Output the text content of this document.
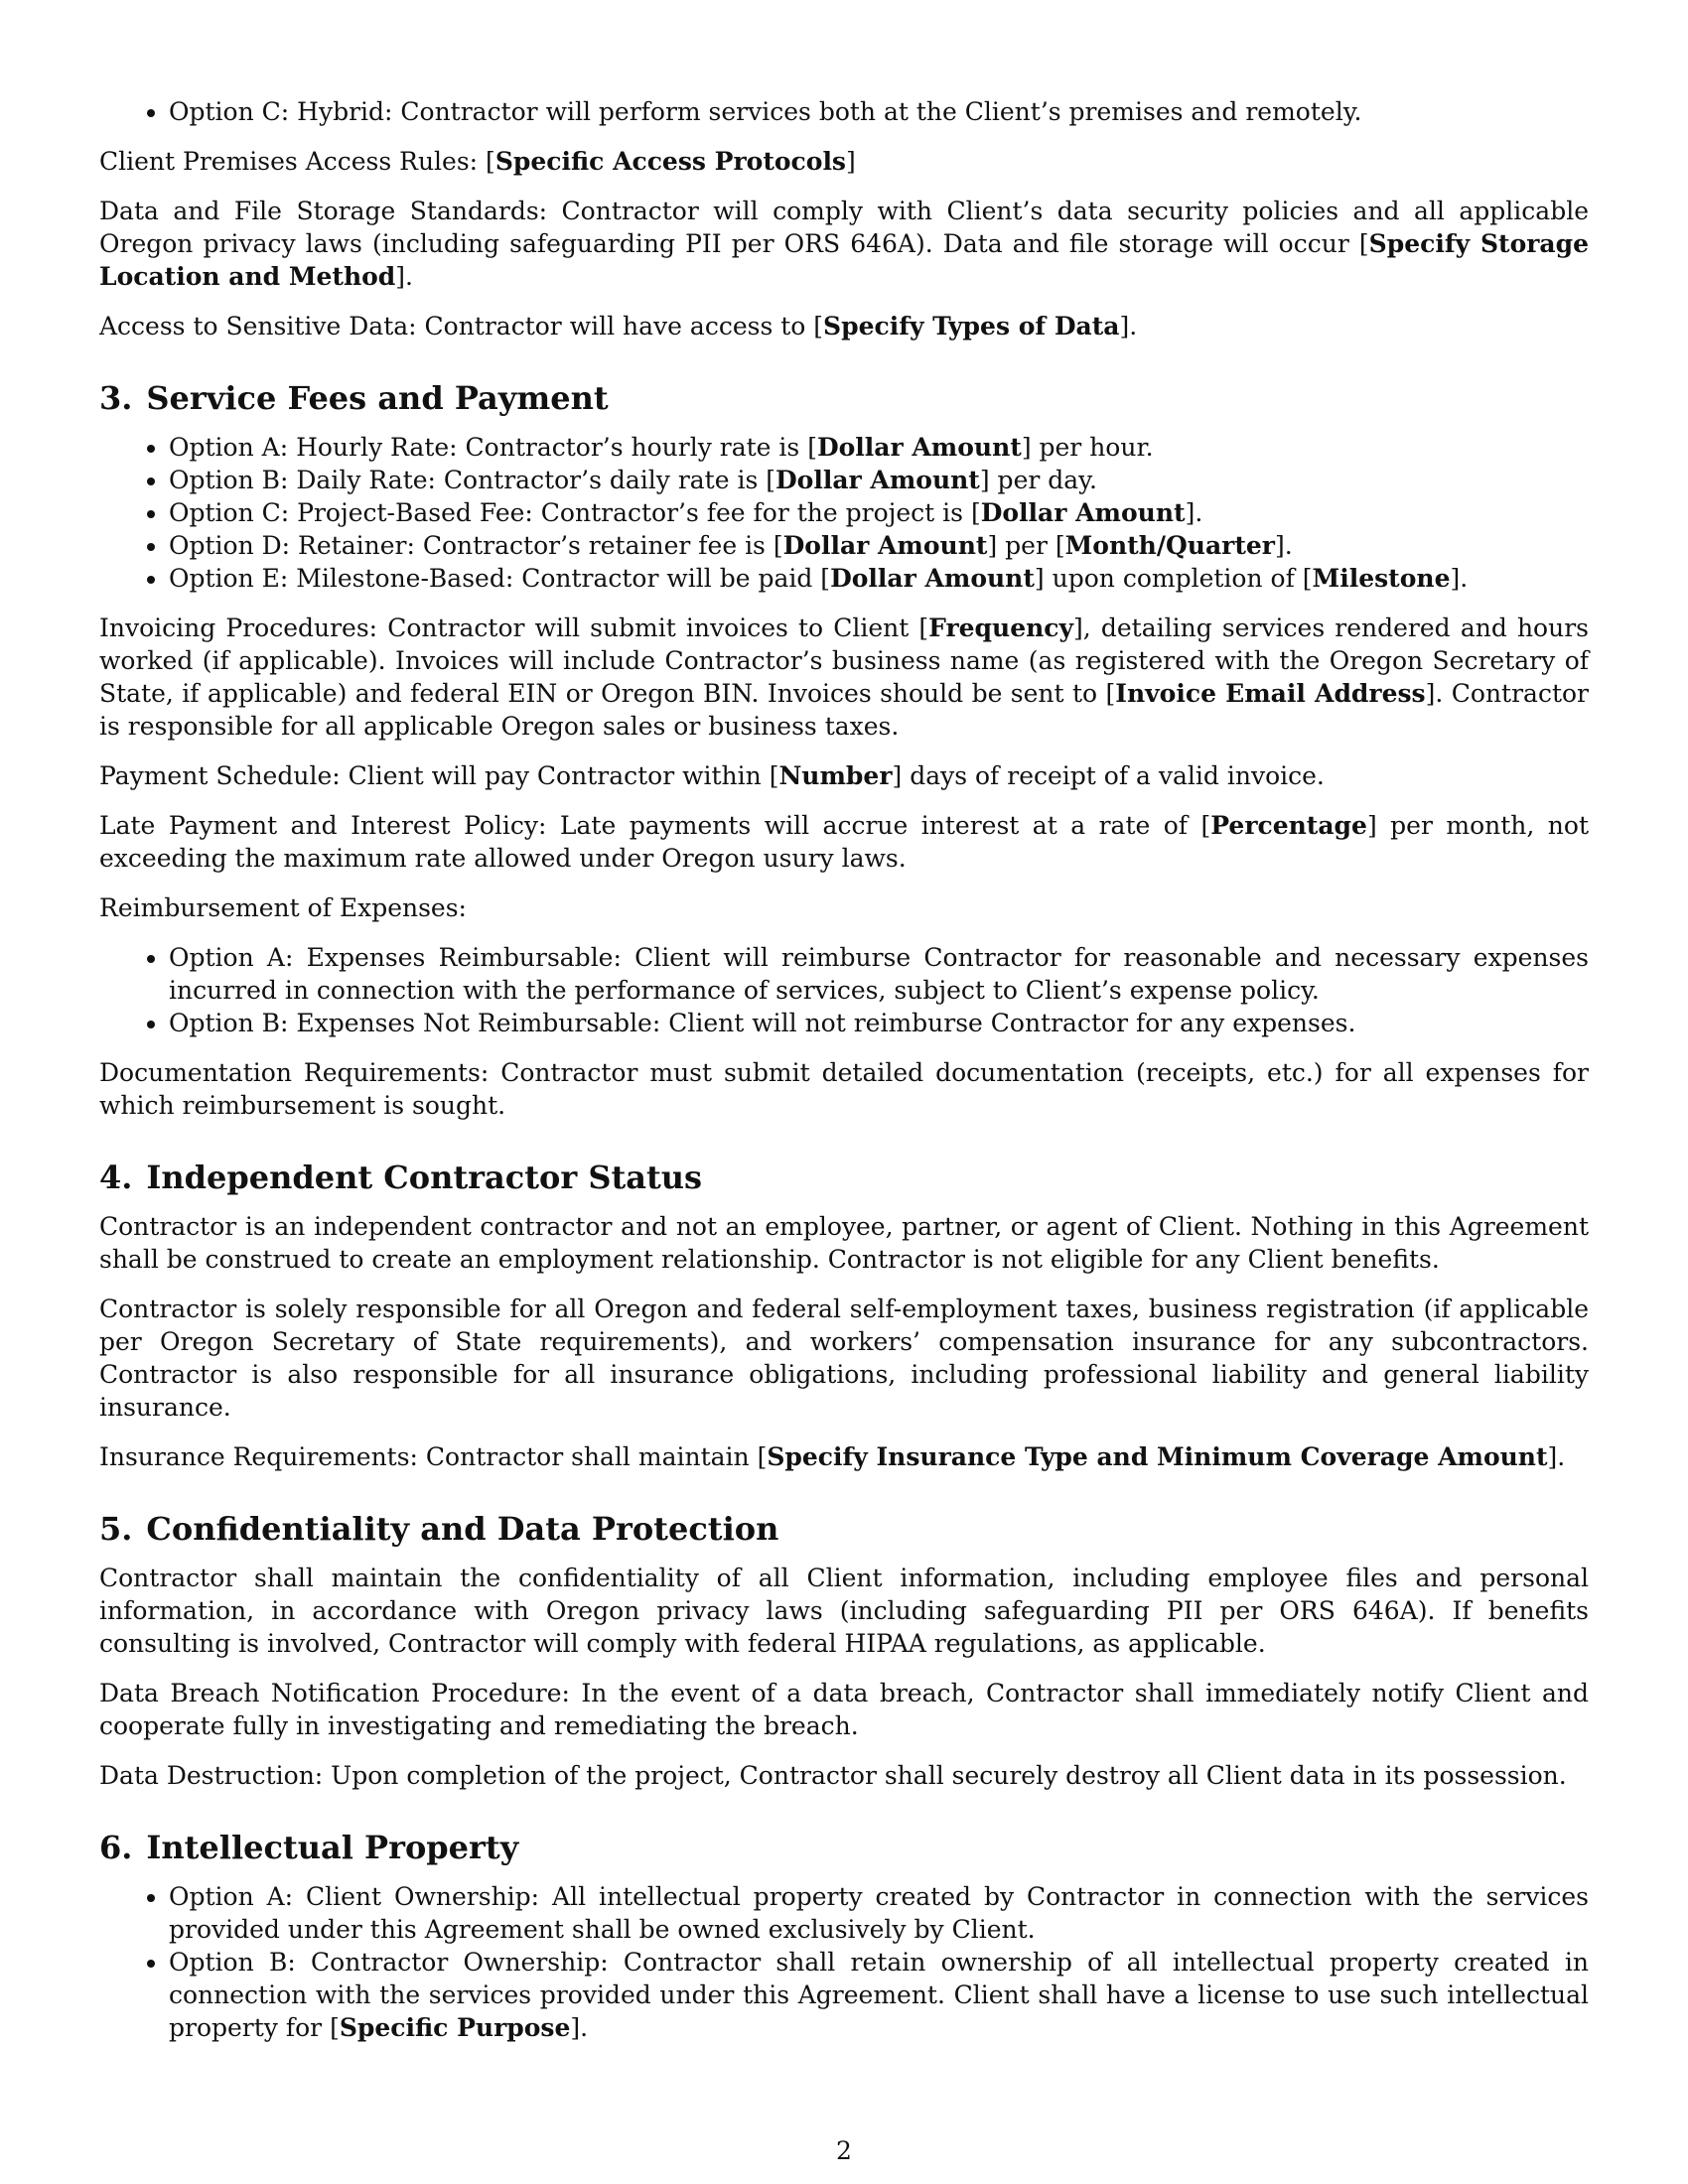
• Option C: Hybrid: Contractor will perform services both at the Client’s premises and remotely.

Client Premises Access Rules: [Specific Access Protocols]

Data and File Storage Standards: Contractor will comply with Client’s data security policies and all applicable Oregon privacy laws (including safeguarding PII per ORS 646A). Data and file storage will occur [Specify Storage Location and Method].

Access to Sensitive Data: Contractor will have access to [Specify Types of Data].

3. Service Fees and Payment
• Option A: Hourly Rate: Contractor’s hourly rate is [Dollar Amount] per hour.
• Option B: Daily Rate: Contractor’s daily rate is [Dollar Amount] per day.
• Option C: Project-Based Fee: Contractor’s fee for the project is [Dollar Amount].
• Option D: Retainer: Contractor’s retainer fee is [Dollar Amount] per [Month/Quarter].
• Option E: Milestone-Based: Contractor will be paid [Dollar Amount] upon completion of [Milestone].

Invoicing Procedures: Contractor will submit invoices to Client [Frequency], detailing services rendered and hours worked (if applicable). Invoices will include Contractor’s business name (as registered with the Oregon Secretary of State, if applicable) and federal EIN or Oregon BIN. Invoices should be sent to [Invoice Email Address]. Contractor is responsible for all applicable Oregon sales or business taxes.

Payment Schedule: Client will pay Contractor within [Number] days of receipt of a valid invoice.

Late Payment and Interest Policy: Late payments will accrue interest at a rate of [Percentage] per month, not exceeding the maximum rate allowed under Oregon usury laws.

Reimbursement of Expenses:

• Option A: Expenses Reimbursable: Client will reimburse Contractor for reasonable and necessary expenses incurred in connection with the performance of services, subject to Client’s expense policy.
• Option B: Expenses Not Reimbursable: Client will not reimburse Contractor for any expenses.

Documentation Requirements: Contractor must submit detailed documentation (receipts, etc.) for all expenses for which reimbursement is sought.

4. Independent Contractor Status

Contractor is an independent contractor and not an employee, partner, or agent of Client. Nothing in this Agreement shall be construed to create an employment relationship. Contractor is not eligible for any Client benefits.

Contractor is solely responsible for all Oregon and federal self-employment taxes, business registration (if applicable per Oregon Secretary of State requirements), and workers’ compensation insurance for any subcontractors. Contractor is also responsible for all insurance obligations, including professional liability and general liability insurance.

Insurance Requirements: Contractor shall maintain [Specify Insurance Type and Minimum Coverage Amount].

5. Confidentiality and Data Protection

Contractor shall maintain the confidentiality of all Client information, including employee files and personal information, in accordance with Oregon privacy laws (including safeguarding PII per ORS 646A). If benefits consulting is involved, Contractor will comply with federal HIPAA regulations, as applicable.

Data Breach Notification Procedure: In the event of a data breach, Contractor shall immediately notify Client and cooperate fully in investigating and remediating the breach.

Data Destruction: Upon completion of the project, Contractor shall securely destroy all Client data in its possession.

6. Intellectual Property
• Option A: Client Ownership: All intellectual property created by Contractor in connection with the services provided under this Agreement shall be owned exclusively by Client.
• Option B: Contractor Ownership: Contractor shall retain ownership of all intellectual property created in connection with the services provided under this Agreement. Client shall have a license to use such intellectual property for [Specific Purpose].
2
